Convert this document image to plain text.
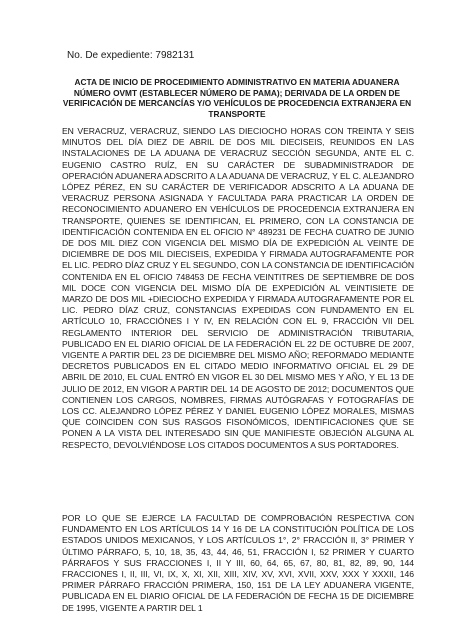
No. De expediente: 7982131

ACTA DE INICIO DE PROCEDIMIENTO ADMINISTRATIVO EN MATERIA ADUANERA NÚMERO OVMT (ESTABLECER NÚMERO DE PAMA); DERIVADA DE LA ORDEN DE VERIFICACIÓN DE MERCANCÍAS Y/O VEHÍCULOS DE PROCEDENCIA EXTRANJERA EN TRANSPORTE

EN VERACRUZ, VERACRUZ, SIENDO LAS DIECIOCHO HORAS CON TREINTA Y SEIS MINUTOS DEL DÍA DIEZ DE ABRIL DE DOS MIL DIECISEIS, REUNIDOS EN LAS INSTALACIONES DE LA ADUANA DE VERACRUZ SECCIÓN SEGUNDA, ANTE EL C. EUGENIO CASTRO RUÍZ, EN SU CARÁCTER DE SUBADMINISTRADOR DE OPERACIÓN ADUANERA ADSCRITO A LA ADUANA DE VERACRUZ, Y EL C. ALEJANDRO LÓPEZ PÉREZ, EN SU CARÁCTER DE VERIFICADOR ADSCRITO A LA ADUANA DE VERACRUZ PERSONA ASIGNADA Y FACULTADA PARA PRACTICAR LA ORDEN DE RECONOCIMIENTO ADUANERO EN VEHÍCULOS DE PROCEDENCIA EXTRANJERA EN TRANSPORTE, QUIENES SE IDENTIFICAN, EL PRIMERO, CON LA CONSTANCIA DE IDENTIFICACIÓN CONTENIDA EN EL OFICIO N° 489231 DE FECHA CUATRO DE JUNIO DE DOS MIL DIEZ CON VIGENCIA DEL MISMO DÍA DE EXPEDICIÓN AL VEINTE DE DICIEMBRE DE DOS MIL DIECISEIS, EXPEDIDA Y FIRMADA AUTOGRAFAMENTE POR EL LIC. PEDRO DÍAZ CRUZ Y EL SEGUNDO, CON LA CONSTANCIA DE IDENTIFICACIÓN CONTENIDA EN EL OFICIO 748453 DE FECHA VEINTITRES DE SEPTIEMBRE DE DOS MIL DOCE CON VIGENCIA DEL MISMO DÍA DE EXPEDICIÓN AL VEINTISIETE DE MARZO DE DOS MIL +DIECIOCHO EXPEDIDA Y FIRMADA AUTOGRAFAMENTE POR EL LIC. PEDRO DÍAZ CRUZ, CONSTANCIAS EXPEDIDAS CON FUNDAMENTO EN EL ARTÍCULO 10, FRACCIÓNES I Y IV, EN RELACIÓN CON EL 9, FRACCIÓN VII DEL REGLAMENTO INTERIOR DEL SERVICIO DE ADMINISTRACIÓN TRIBUTARIA, PUBLICADO EN EL DIARIO OFICIAL DE LA FEDERACIÓN EL 22 DE OCTUBRE DE 2007, VIGENTE A PARTIR DEL 23 DE DICIEMBRE DEL MISMO AÑO; REFORMADO MEDIANTE DECRETOS PUBLICADOS EN EL CITADO MEDIO INFORMATIVO OFICIAL EL 29 DE ABRIL DE 2010, EL CUAL ENTRÓ EN VIGOR EL 30 DEL MISMO MES Y AÑO, Y EL 13 DE JULIO DE 2012, EN VIGOR A PARTIR DEL 14 DE AGOSTO DE 2012; DOCUMENTOS QUE CONTIENEN LOS CARGOS, NOMBRES, FIRMAS AUTÓGRAFAS Y FOTOGRAFÍAS DE LOS CC. ALEJANDRO LÓPEZ PÉREZ Y DANIEL EUGENIO LÓPEZ MORALES, MISMAS QUE COINCIDEN CON SUS RASGOS FISONÓMICOS, IDENTIFICACIONES QUE SE PONEN A LA VISTA DEL INTERESADO SIN QUE MANIFIESTE OBJECIÓN ALGUNA AL RESPECTO, DEVOLVIÉNDOSE LOS CITADOS DOCUMENTOS A SUS PORTADORES.

POR LO QUE SE EJERCE LA FACULTAD DE COMPROBACIÓN RESPECTIVA CON FUNDAMENTO EN LOS ARTÍCULOS 14 Y 16 DE LA CONSTITUCIÓN POLÍTICA DE LOS ESTADOS UNIDOS MEXICANOS, Y LOS ARTÍCULOS 1°, 2° FRACCIÓN II, 3° PRIMER Y ÚLTIMO PÁRRAFO, 5, 10, 18, 35, 43, 44, 46, 51, FRACCIÓN I, 52 PRIMER Y CUARTO PÁRRAFOS Y SUS FRACCIONES I, II Y III, 60, 64, 65, 67, 80, 81, 82, 89, 90, 144 FRACCIONES I, II, III, VI, IX, X, XI, XII, XIII, XIV, XV, XVI, XVII, XXV, XXX Y XXXII, 146 PRIMER PÁRRAFO FRACCIÓN PRIMERA, 150, 151 DE LA LEY ADUANERA VIGENTE, PUBLICADA EN EL DIARIO OFICIAL DE LA FEDERACIÓN DE FECHA 15 DE DICIEMBRE DE 1995, VIGENTE A PARTIR DEL 1
